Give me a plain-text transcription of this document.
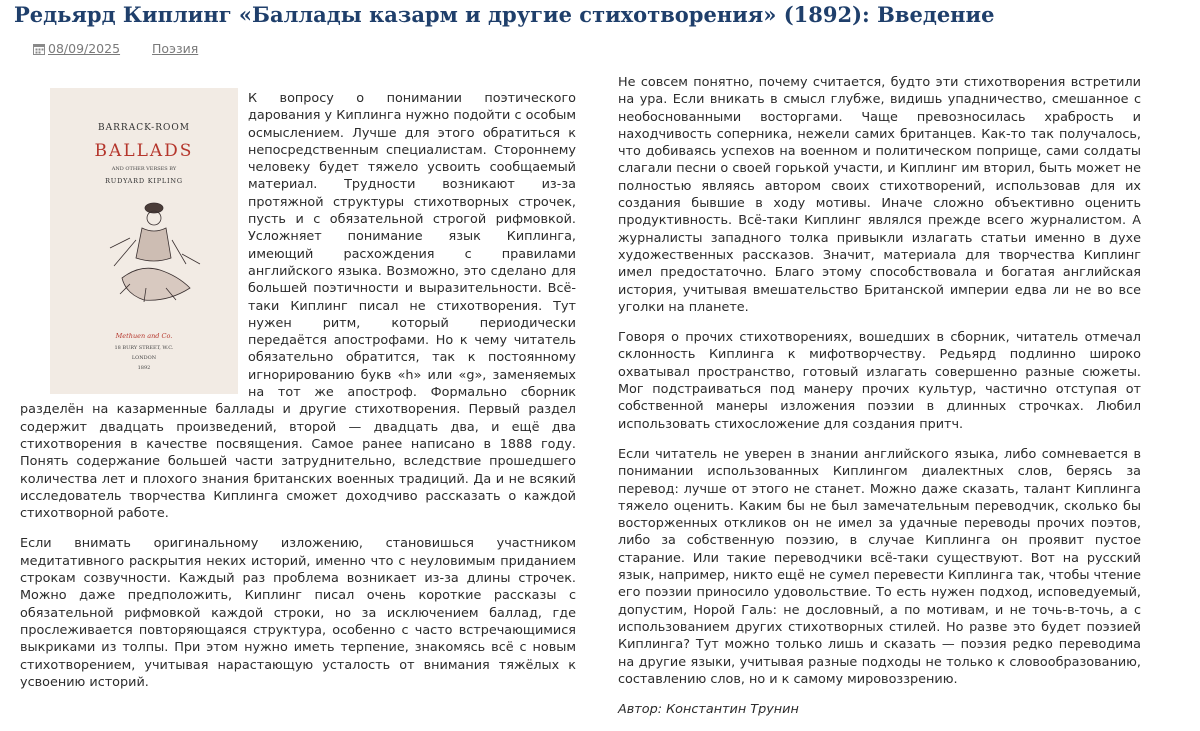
Редьярд Киплинг «Баллады казарм и другие стихотворения» (1892): Введение
08/09/2025	Поэзия
BARRACK-ROOM
BALLADS
AND OTHER VERSES BY
RUDYARD KIPLING
Methuen and Co.
18 BURY STREET, W.C.
LONDON
1892

К вопросу о понимании поэтического дарования у Киплинга нужно подойти с особым осмыслением. Лучше для этого обратиться к непосредственным специалистам. Стороннему человеку будет тяжело усвоить сообщаемый материал. Трудности возникают из-за протяжной структуры стихотворных строчек, пусть и с обязательной строгой рифмовкой. Усложняет понимание язык Киплинга, имеющий расхождения с правилами английского языка. Возможно, это сделано для большей поэтичности и выразительности. Всё-таки Киплинг писал не стихотворения. Тут нужен ритм, который периодически передаётся апострофами. Но к чему читатель обязательно обратится, так к постоянному игнорированию букв «h» или «g», заменяемых на тот же апостроф. Формально сборник разделён на казарменные баллады и другие стихотворения. Первый раздел содержит двадцать произведений, второй — двадцать два, и ещё два стихотворения в качестве посвящения. Самое ранее написано в 1888 году. Понять содержание большей части затруднительно, вследствие прошедшего количества лет и плохого знания британских военных традиций. Да и не всякий исследователь творчества Киплинга сможет доходчиво рассказать о каждой стихотворной работе.

Если внимать оригинальному изложению, становишься участником медитативного раскрытия неких историй, именно что с неуловимым приданием строкам созвучности. Каждый раз проблема возникает из-за длины строчек. Можно даже предположить, Киплинг писал очень короткие рассказы с обязательной рифмовкой каждой строки, но за исключением баллад, где прослеживается повторяющаяся структура, особенно с часто встречающимися выкриками из толпы. При этом нужно иметь терпение, знакомясь всё с новым стихотворением, учитывая нарастающую усталость от внимания тяжёлых к усвоению историй.

Не совсем понятно, почему считается, будто эти стихотворения встретили на ура. Если вникать в смысл глубже, видишь упадничество, смешанное с необоснованными восторгами. Чаще превозносилась храбрость и находчивость соперника, нежели самих британцев. Как-то так получалось, что добиваясь успехов на военном и политическом поприще, сами солдаты слагали песни о своей горькой участи, и Киплинг им вторил, быть может не полностью являясь автором своих стихотворений, использовав для их создания бывшие в ходу мотивы. Иначе сложно объективно оценить продуктивность. Всё-таки Киплинг являлся прежде всего журналистом. А журналисты западного толка привыкли излагать статьи именно в духе художественных рассказов. Значит, материала для творчества Киплинг имел предостаточно. Благо этому способствовала и богатая английская история, учитывая вмешательство Британской империи едва ли не во все уголки на планете.

Говоря о прочих стихотворениях, вошедших в сборник, читатель отмечал склонность Киплинга к мифотворчеству. Редьярд подлинно широко охватывал пространство, готовый излагать совершенно разные сюжеты. Мог подстраиваться под манеру прочих культур, частично отступая от собственной манеры изложения поэзии в длинных строчках. Любил использовать стихосложение для создания притч.

Если читатель не уверен в знании английского языка, либо сомневается в понимании использованных Киплингом диалектных слов, берясь за перевод: лучше от этого не станет. Можно даже сказать, талант Киплинга тяжело оценить. Каким бы не был замечательным переводчик, сколько бы восторженных откликов он не имел за удачные переводы прочих поэтов, либо за собственную поэзию, в случае Киплинга он проявит пустое старание. Или такие переводчики всё-таки существуют. Вот на русский язык, например, никто ещё не сумел перевести Киплинга так, чтобы чтение его поэзии приносило удовольствие. То есть нужен подход, исповедуемый, допустим, Норой Галь: не дословный, а по мотивам, и не точь-в-точь, а с использованием других стихотворных стилей. Но разве это будет поэзией Киплинга? Тут можно только лишь и сказать — поэзия редко переводима на другие языки, учитывая разные подходы не только к словообразованию, составлению слов, но и к самому мировоззрению.

Автор: Константин Трунин
